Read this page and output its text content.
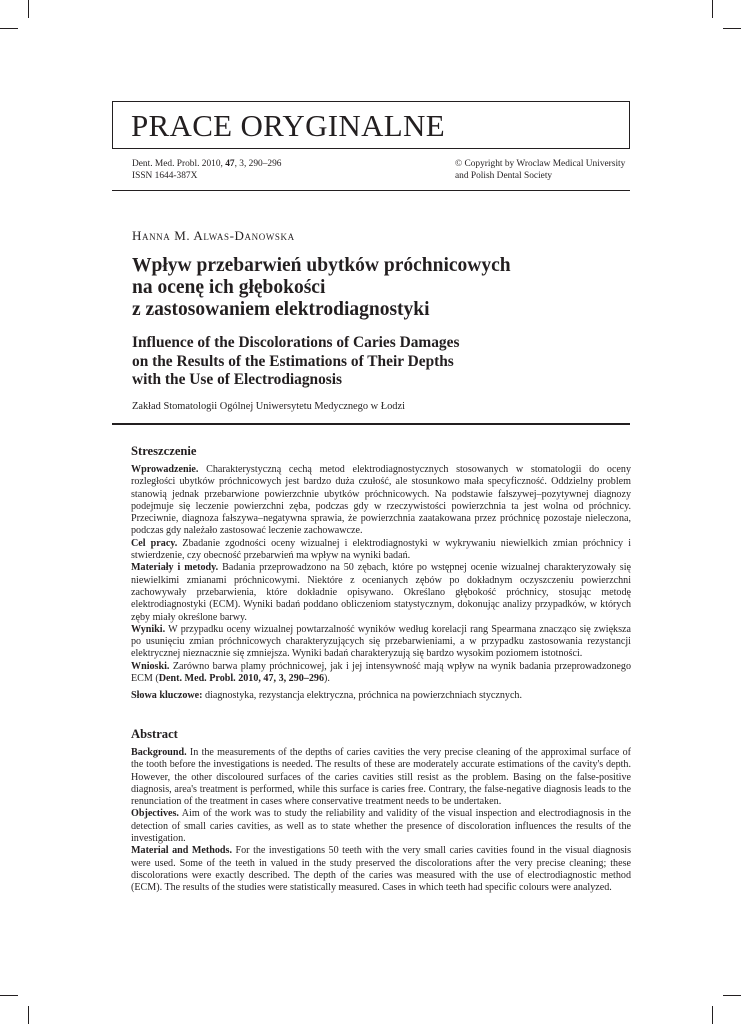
PRACE ORYGINALNE
Dent. Med. Probl. 2010, 47, 3, 290–296
ISSN 1644-387X
© Copyright by Wroclaw Medical University
and Polish Dental Society
Hanna M. Alwas-Danowska
Wpływ przebarwień ubytków próchnicowych
na ocenę ich głębokości
z zastosowaniem elektrodiagnostyki
Influence of the Discolorations of Caries Damages
on the Results of the Estimations of Their Depths
with the Use of Electrodiagnosis
Zakład Stomatologii Ogólnej Uniwersytetu Medycznego w Łodzi
Streszczenie

Wprowadzenie. Charakterystyczną cechą metod elektrodiagnostycznych stosowanych w stomatologii do oceny rozległości ubytków próchnicowych jest bardzo duża czułość, ale stosunkowo mała specyficzność. Oddzielny problem stanowią jednak przebarwione powierzchnie ubytków próchnicowych. Na podstawie fałszywej–pozytywnej diagnozy podejmuje się leczenie powierzchni zęba, podczas gdy w rzeczywistości powierzchnia ta jest wolna od próchnicy. Przeciwnie, diagnoza fałszywa–negatywna sprawia, że powierzchnia zaatakowana przez próchnicę pozostaje nieleczona, podczas gdy należało zastosować leczenie zachowawcze.

Cel pracy. Zbadanie zgodności oceny wizualnej i elektrodiagnostyki w wykrywaniu niewielkich zmian próchnicy i stwierdzenie, czy obecność przebarwień ma wpływ na wyniki badań.

Materiały i metody. Badania przeprowadzono na 50 zębach, które po wstępnej ocenie wizualnej charakteryzowały się niewielkimi zmianami próchnicowymi. Niektóre z ocenianych zębów po dokładnym oczyszczeniu powierzchni zachowywały przebarwienia, które dokładnie opisywano. Określano głębokość próchnicy, stosując metodę elektrodiagnostyki (ECM). Wyniki badań poddano obliczeniom statystycznym, dokonując analizy przypadków, w których zęby miały określone barwy.

Wyniki. W przypadku oceny wizualnej powtarzalność wyników według korelacji rang Spearmana znacząco się zwiększa po usunięciu zmian próchnicowych charakteryzujących się przebarwieniami, a w przypadku zastosowania rezystancji elektrycznej nieznacznie się zmniejsza. Wyniki badań charakteryzują się bardzo wysokim poziomem istotności.

Wnioski. Zarówno barwa plamy próchnicowej, jak i jej intensywność mają wpływ na wynik badania przeprowadzonego ECM (Dent. Med. Probl. 2010, 47, 3, 290–296).

Słowa kluczowe: diagnostyka, rezystancja elektryczna, próchnica na powierzchniach stycznych.

Abstract

Background. In the measurements of the depths of caries cavities the very precise cleaning of the approximal surface of the tooth before the investigations is needed. The results of these are moderately accurate estimations of the cavity's depth. However, the other discoloured surfaces of the caries cavities still resist as the problem. Basing on the false-positive diagnosis, area's treatment is performed, while this surface is caries free. Contrary, the false-negative diagnosis leads to the renunciation of the treatment in cases where conservative treatment needs to be undertaken.

Objectives. Aim of the work was to study the reliability and validity of the visual inspection and electrodiagnosis in the detection of small caries cavities, as well as to state whether the presence of discoloration influences the results of the investigation.

Material and Methods. For the investigations 50 teeth with the very small caries cavities found in the visual diagnosis were used. Some of the teeth in valued in the study preserved the discolorations after the very precise cleaning; these discolorations were exactly described. The depth of the caries was measured with the use of electrodiagnostic method (ECM). The results of the studies were statistically measured. Cases in which teeth had specific colours were analyzed.
